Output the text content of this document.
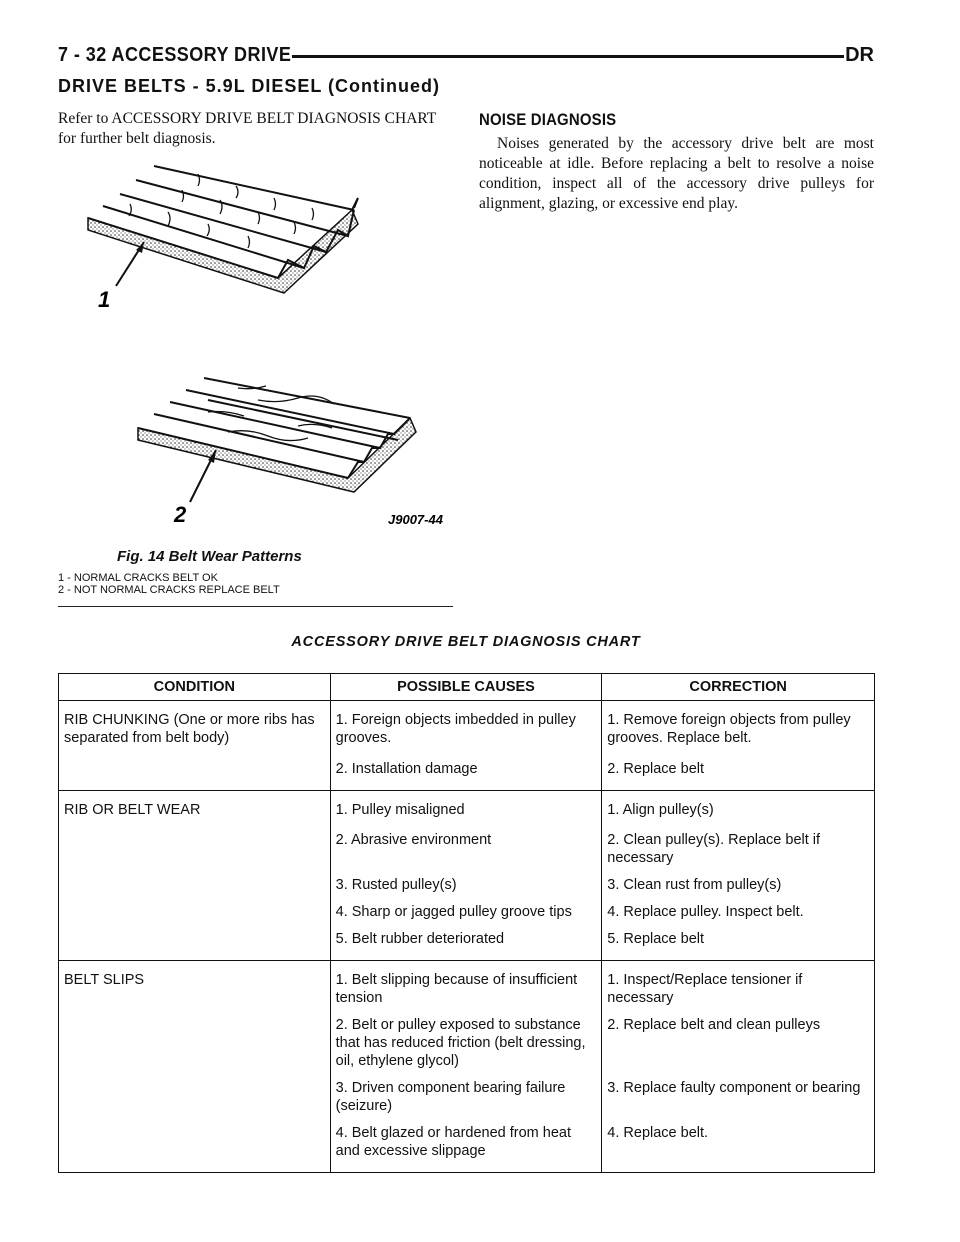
7 - 32 ACCESSORY DRIVE	DR
DRIVE BELTS - 5.9L DIESEL (Continued)
Refer to ACCESSORY DRIVE BELT DIAGNOSIS CHART for further belt diagnosis.
NOISE DIAGNOSIS

Noises generated by the accessory drive belt are most noticeable at idle. Before replacing a belt to resolve a noise condition, inspect all of the accessory drive pulleys for alignment, glazing, or excessive end play.

1
2	J9007-44
Fig. 14 Belt Wear Patterns
1 - NORMAL CRACKS BELT OK
2 - NOT NORMAL CRACKS REPLACE BELT
ACCESSORY DRIVE BELT DIAGNOSIS CHART
CONDITION	POSSIBLE CAUSES	CORRECTION
RIB CHUNKING (One or more ribs has separated from belt body)	1. Foreign objects imbedded in pulley grooves.	1. Remove foreign objects from pulley grooves. Replace belt.
	2. Installation damage	2. Replace belt
RIB OR BELT WEAR	1. Pulley misaligned	1. Align pulley(s)
	2. Abrasive environment	2. Clean pulley(s). Replace belt if necessary
	3. Rusted pulley(s)	3. Clean rust from pulley(s)
	4. Sharp or jagged pulley groove tips	4. Replace pulley. Inspect belt.
	5. Belt rubber deteriorated	5. Replace belt
BELT SLIPS	1. Belt slipping because of insufficient tension	1. Inspect/Replace tensioner if necessary
	2. Belt or pulley exposed to substance that has reduced friction (belt dressing, oil, ethylene glycol)	2. Replace belt and clean pulleys
	3. Driven component bearing failure (seizure)	3. Replace faulty component or bearing
	4. Belt glazed or hardened from heat and excessive slippage	4. Replace belt.
